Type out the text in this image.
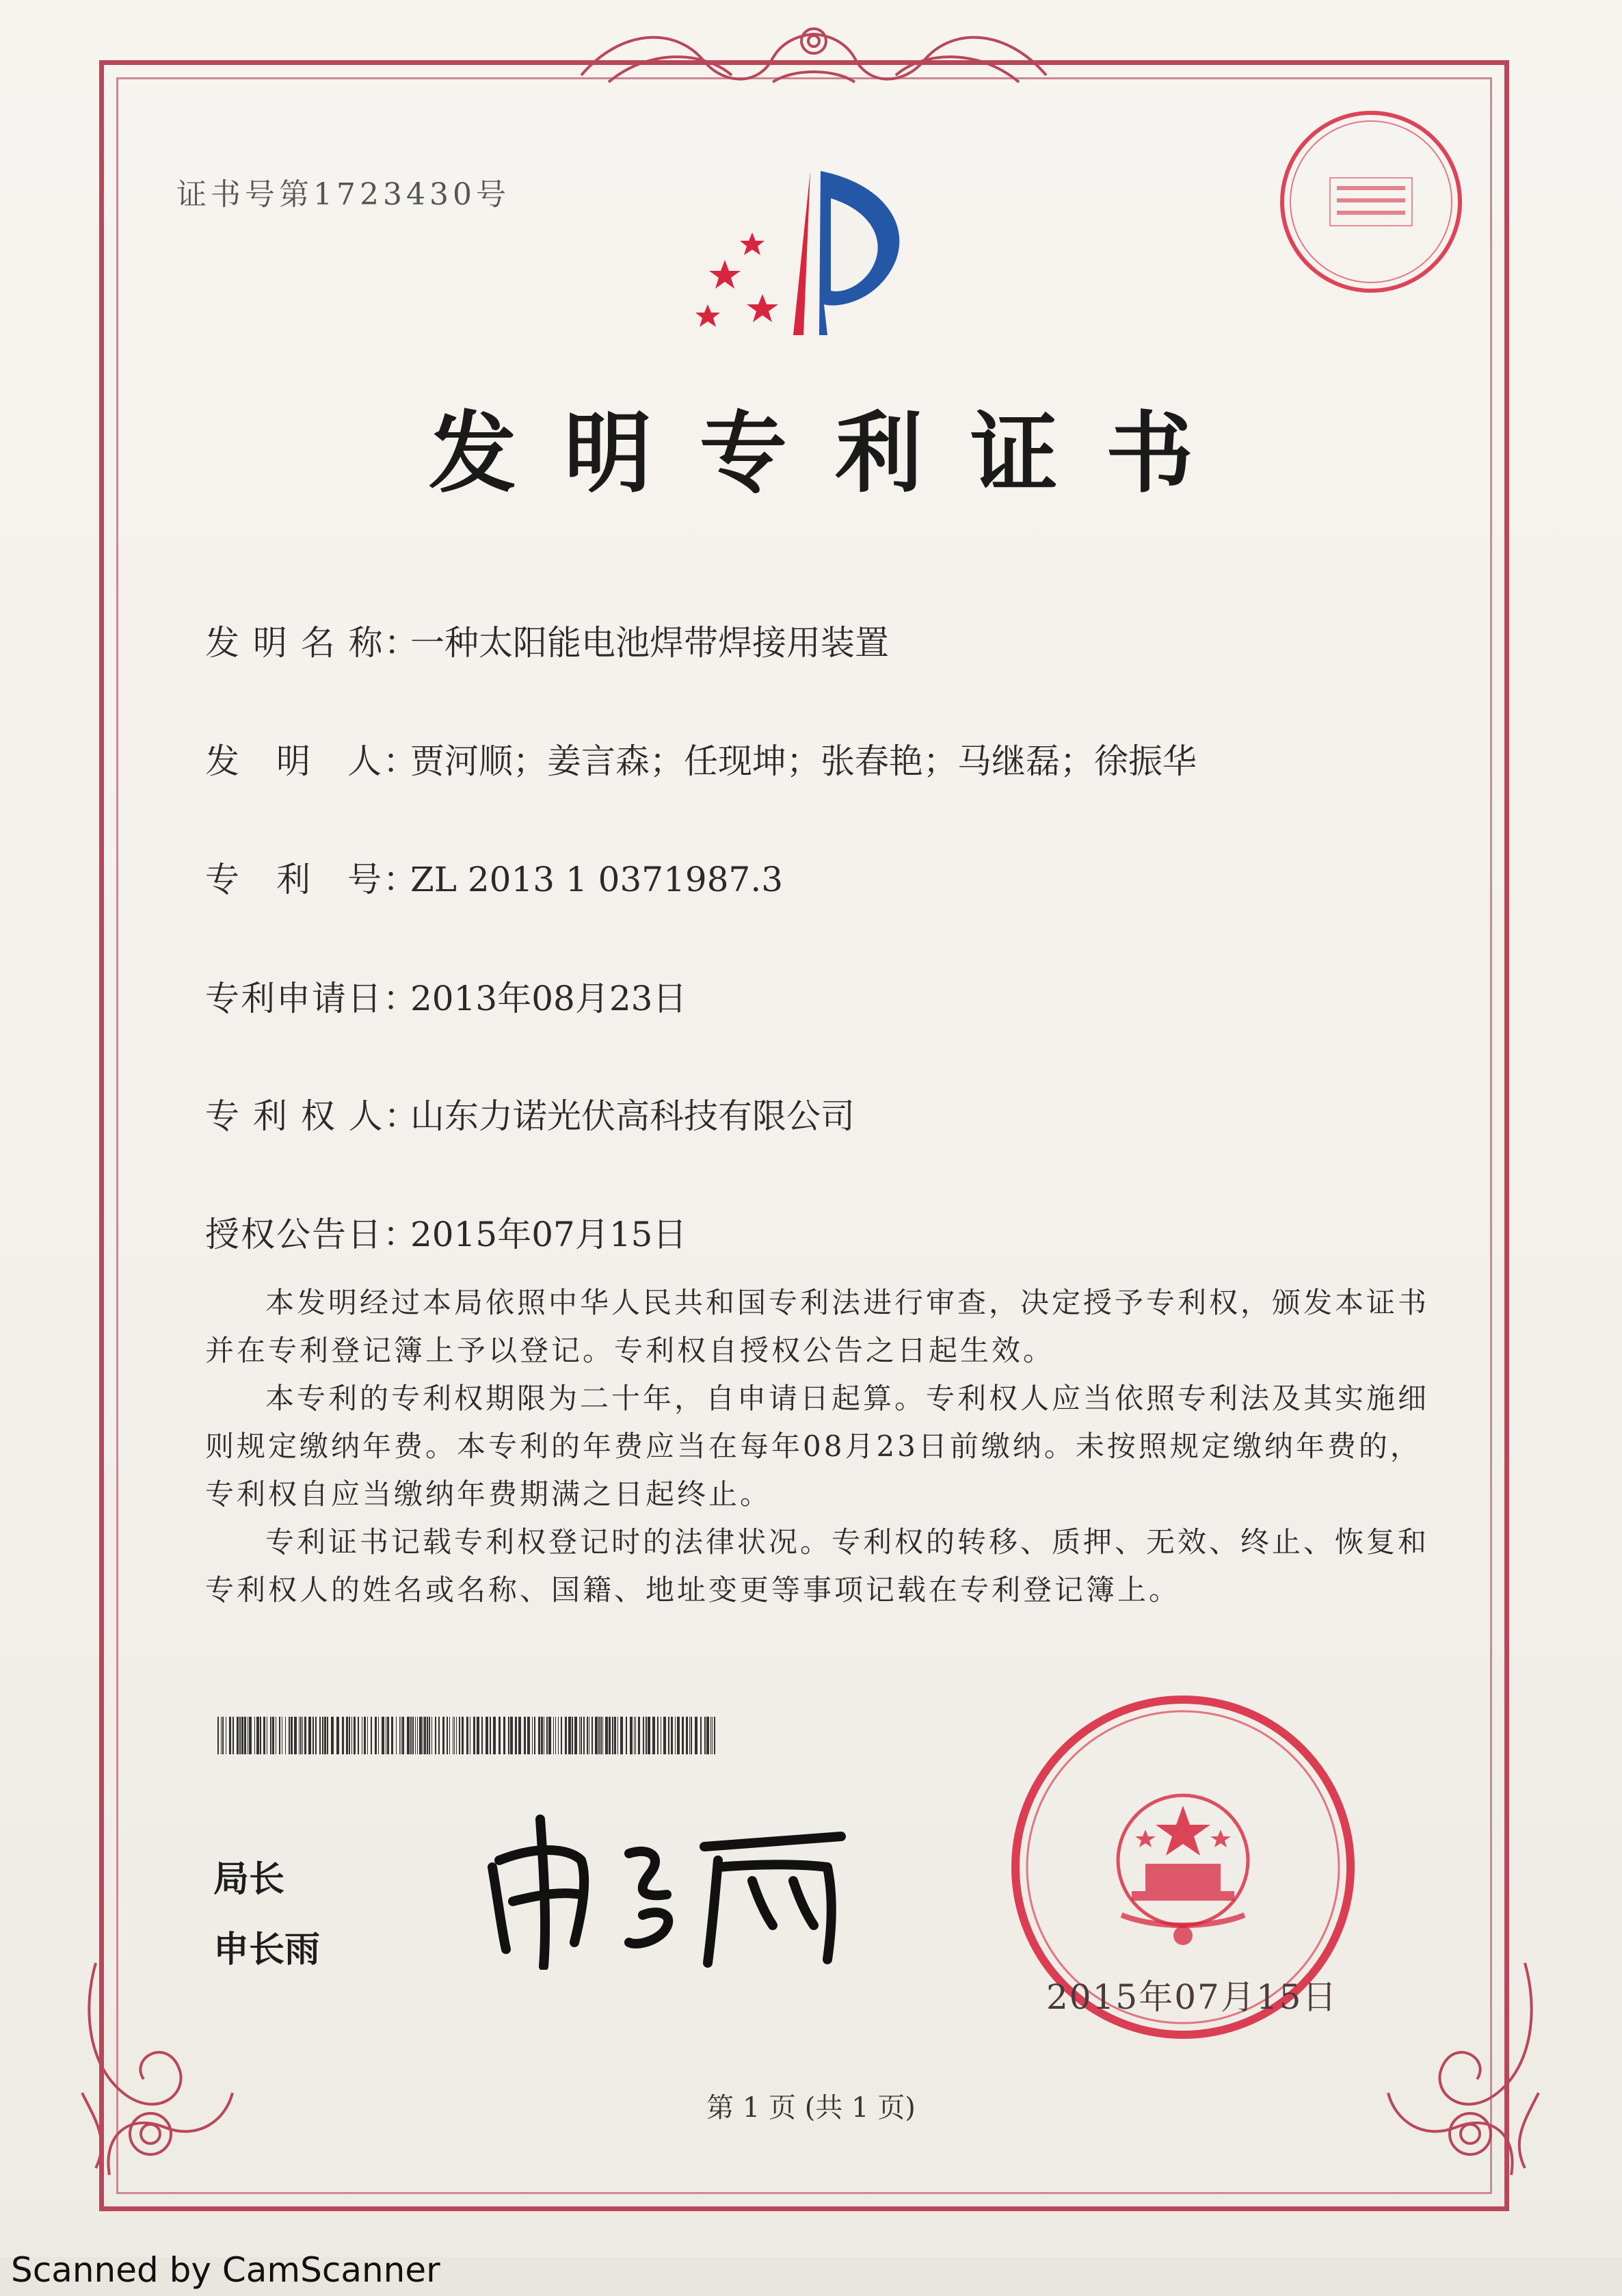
证书号第1723430号
发明专利证书
发 明 名 称：一种太阳能电池焊带焊接用装置
发　明　人：贾河顺；姜言森；任现坤；张春艳；马继磊；徐振华
专　利　号：ZL 2013 1 0371987.3
专利申请日：2013年08月23日
专 利 权 人：山东力诺光伏高科技有限公司
授权公告日：2015年07月15日

本发明经过本局依照中华人民共和国专利法进行审查，决定授予专利权，颁发本证书并在专利登记簿上予以登记。专利权自授权公告之日起生效。

本专利的专利权期限为二十年，自申请日起算。专利权人应当依照专利法及其实施细则规定缴纳年费。本专利的年费应当在每年08月23日前缴纳。未按照规定缴纳年费的，专利权自应当缴纳年费期满之日起终止。

专利证书记载专利权登记时的法律状况。专利权的转移、质押、无效、终止、恢复和专利权人的姓名或名称、国籍、地址变更等事项记载在专利登记簿上。

局长
申长雨
2015年07月15日
第 1 页 (共 1 页)
Scanned by CamScanner
